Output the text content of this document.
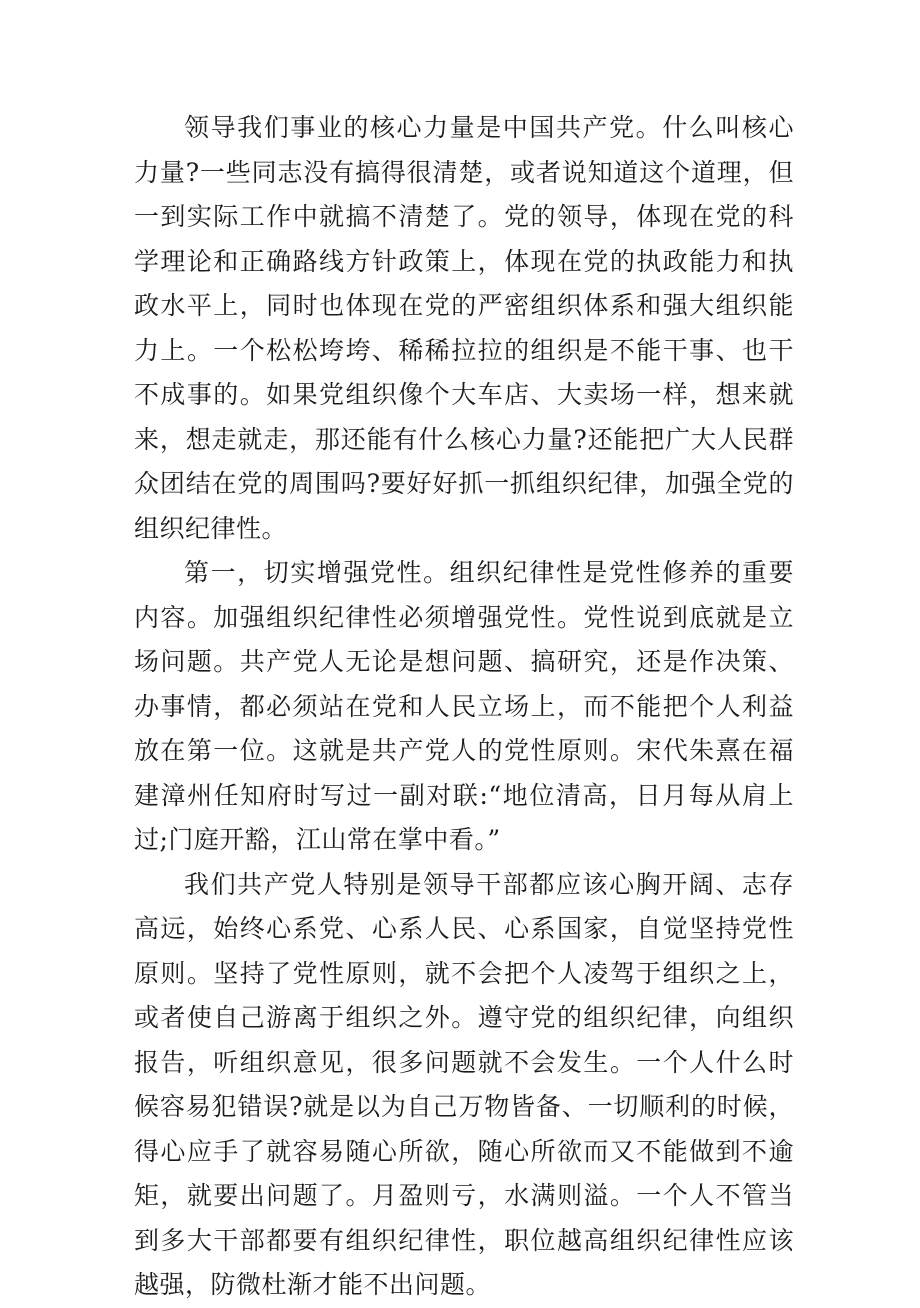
领导我们事业的核心力量是中国共产党。什么叫核心力量?一些同志没有搞得很清楚，或者说知道这个道理，但一到实际工作中就搞不清楚了。党的领导，体现在党的科学理论和正确路线方针政策上，体现在党的执政能力和执政水平上，同时也体现在党的严密组织体系和强大组织能力上。一个松松垮垮、稀稀拉拉的组织是不能干事、也干不成事的。如果党组织像个大车店、大卖场一样，想来就来，想走就走，那还能有什么核心力量?还能把广大人民群众团结在党的周围吗?要好好抓一抓组织纪律，加强全党的组织纪律性。

第一，切实增强党性。组织纪律性是党性修养的重要内容。加强组织纪律性必须增强党性。党性说到底就是立场问题。共产党人无论是想问题、搞研究，还是作决策、办事情，都必须站在党和人民立场上，而不能把个人利益放在第一位。这就是共产党人的党性原则。宋代朱熹在福建漳州任知府时写过一副对联:“地位清高，日月每从肩上过;门庭开豁，江山常在掌中看。”

我们共产党人特别是领导干部都应该心胸开阔、志存高远，始终心系党、心系人民、心系国家，自觉坚持党性原则。坚持了党性原则，就不会把个人凌驾于组织之上，或者使自己游离于组织之外。遵守党的组织纪律，向组织报告，听组织意见，很多问题就不会发生。一个人什么时候容易犯错误?就是以为自己万物皆备、一切顺利的时候，得心应手了就容易随心所欲，随心所欲而又不能做到不逾矩，就要出问题了。月盈则亏，水满则溢。一个人不管当到多大干部都要有组织纪律性，职位越高组织纪律性应该越强，防微杜渐才能不出问题。
